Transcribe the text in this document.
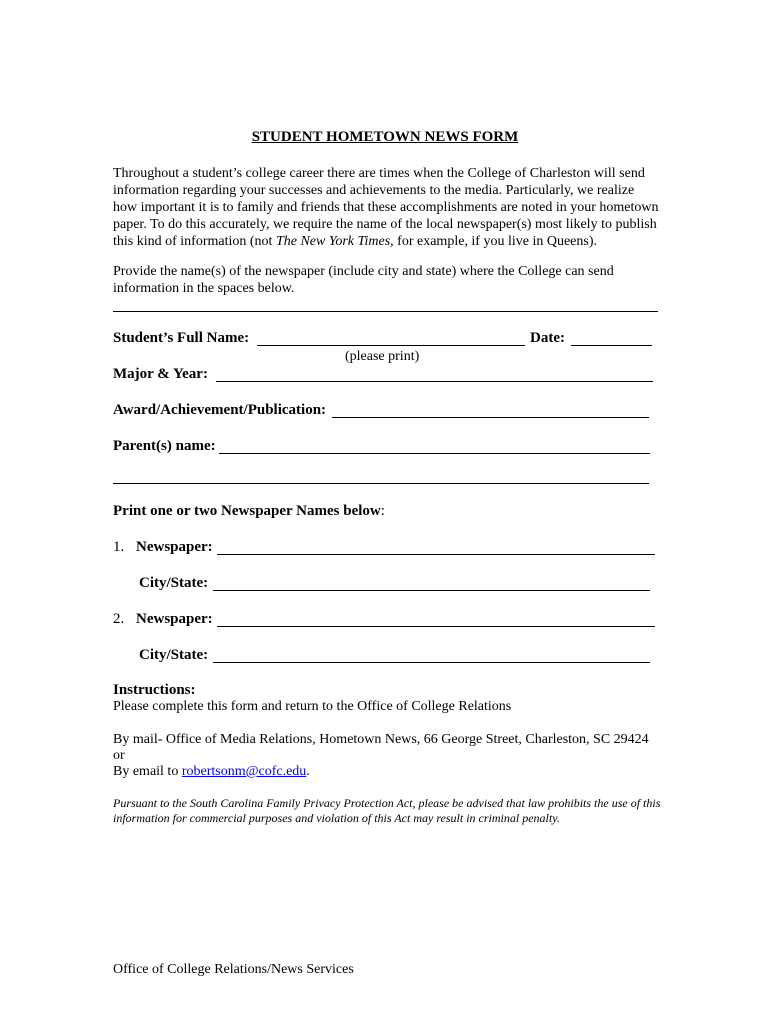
STUDENT HOMETOWN NEWS FORM
Throughout a student’s college career there are times when the College of Charleston will send information regarding your successes and achievements to the media. Particularly, we realize how important it is to family and friends that these accomplishments are noted in your hometown paper. To do this accurately, we require the name of the local newspaper(s) most likely to publish this kind of information (not The New York Times, for example, if you live in Queens).
Provide the name(s) of the newspaper (include city and state) where the College can send information in the spaces below.
Student’s Full Name:	Date:
(please print)
Major & Year:
Award/Achievement/Publication:
Parent(s) name:
Print one or two Newspaper Names below:
1. Newspaper:
City/State:
2. Newspaper:
City/State:
Instructions:
Please complete this form and return to the Office of College Relations
By mail- Office of Media Relations, Hometown News, 66 George Street, Charleston, SC 29424
or
By email to robertsonm@cofc.edu.
Pursuant to the South Carolina Family Privacy Protection Act, please be advised that law prohibits the use of this information for commercial purposes and violation of this Act may result in criminal penalty.
Office of College Relations/News Services
